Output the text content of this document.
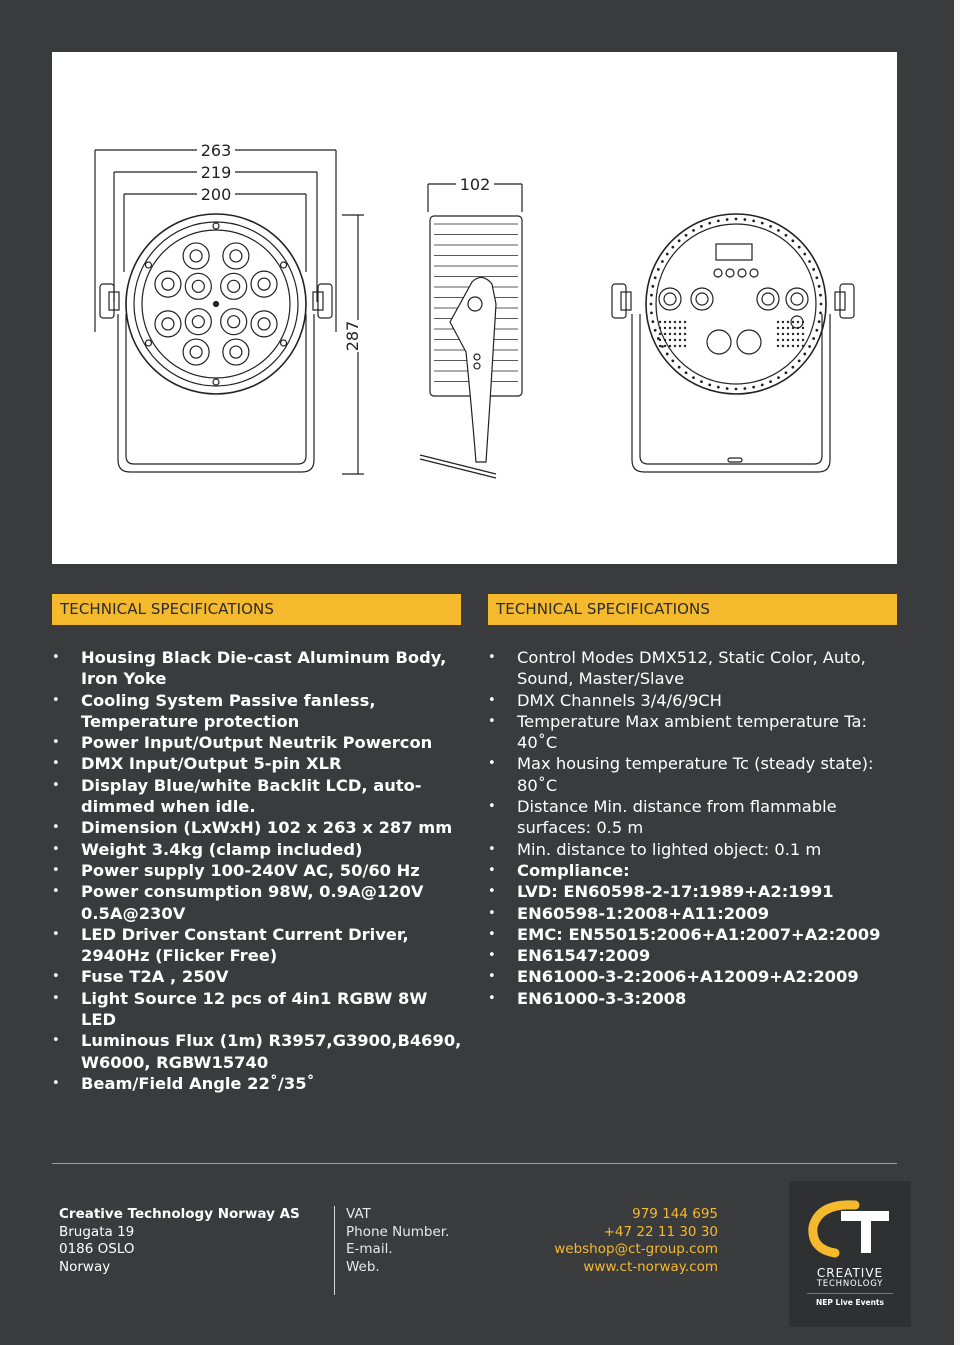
263
219
200
287
102
TECHNICAL SPECIFICATIONS	TECHNICAL SPECIFICATIONS
• Housing Black Die-cast Aluminum Body, Iron Yoke
• Cooling System Passive fanless, Temperature protection
• Power Input/Output Neutrik Powercon
• DMX Input/Output 5-pin XLR
• Display Blue/white Backlit LCD, auto-dimmed when idle.
• Dimension (LxWxH) 102 x 263 x 287 mm
• Weight 3.4kg (clamp included)
• Power supply 100-240V AC, 50/60 Hz
• Power consumption 98W, 0.9A@120V 0.5A@230V
• LED Driver Constant Current Driver, 2940Hz (Flicker Free)
• Fuse T2A , 250V
• Light Source 12 pcs of 4in1 RGBW 8W LED
• Luminous Flux (1m) R3957,G3900,B4690, W6000, RGBW15740
• Beam/Field Angle 22˚/35˚
• Control Modes DMX512, Static Color, Auto, Sound, Master/Slave
• DMX Channels 3/4/6/9CH
• Temperature Max ambient temperature Ta: 40˚C
• Max housing temperature Tc (steady state): 80˚C
• Distance Min. distance from flammable surfaces: 0.5 m
• Min. distance to lighted object: 0.1 m
• Compliance:
• LVD: EN60598-2-17:1989+A2:1991
• EN60598-1:2008+A11:2009
• EMC: EN55015:2006+A1:2007+A2:2009
• EN61547:2009
• EN61000-3-2:2006+A12009+A2:2009
• EN61000-3-3:2008
Creative Technology Norway AS
Brugata 19
0186 OSLO
Norway
VAT
Phone Number.
E-mail.
Web.
979 144 695
+47 22 11 30 30
webshop@ct-group.com
www.ct-norway.com	CREATIVE
TECHNOLOGY
NEP Live Events
